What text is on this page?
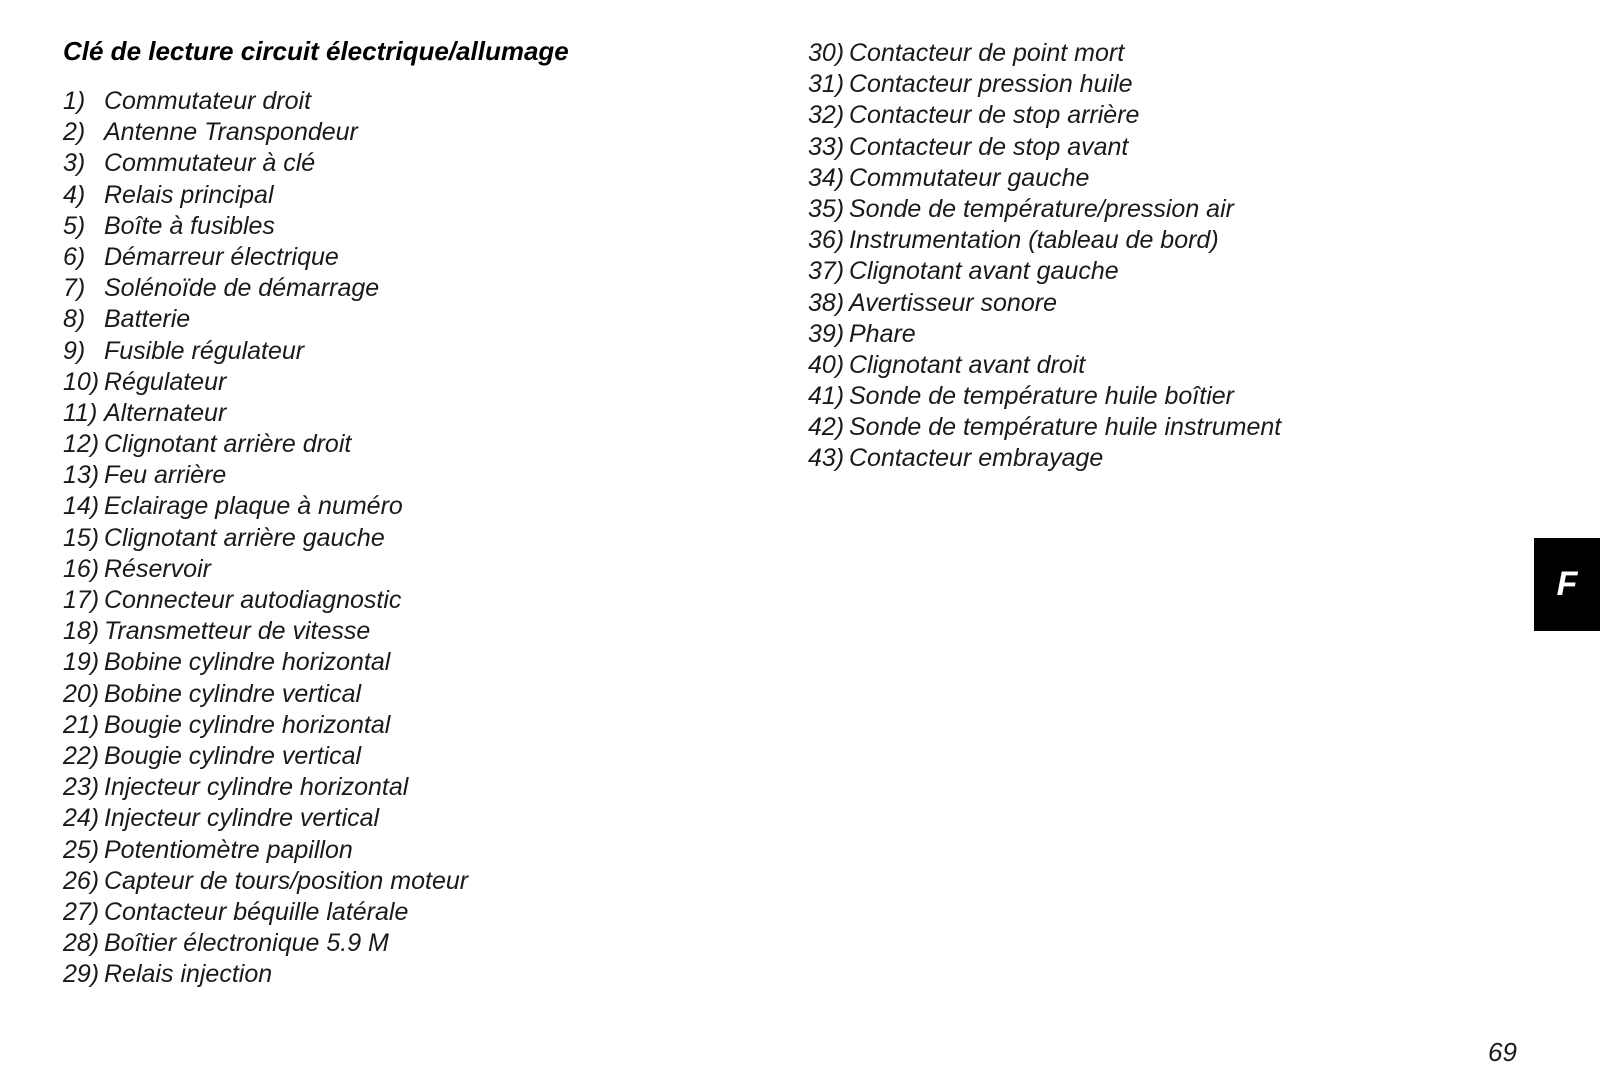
Clé de lecture circuit électrique/allumage
1) Commutateur droit
2) Antenne Transpondeur
3) Commutateur à clé
4) Relais principal
5) Boîte à fusibles
6) Démarreur électrique
7) Solénoïde de démarrage
8) Batterie
9) Fusible régulateur
10) Régulateur
11) Alternateur
12) Clignotant arrière droit
13) Feu arrière
14) Eclairage plaque à numéro
15) Clignotant arrière gauche
16) Réservoir
17) Connecteur autodiagnostic
18) Transmetteur de vitesse
19) Bobine cylindre horizontal
20) Bobine cylindre vertical
21) Bougie cylindre horizontal
22) Bougie cylindre vertical
23) Injecteur cylindre horizontal
24) Injecteur cylindre vertical
25) Potentiomètre papillon
26) Capteur de tours/position moteur
27) Contacteur béquille latérale
28) Boîtier électronique 5.9 M
29) Relais injection
30) Contacteur de point mort
31) Contacteur pression huile
32) Contacteur de stop arrière
33) Contacteur de stop avant
34) Commutateur gauche
35) Sonde de température/pression air
36) Instrumentation (tableau de bord)
37) Clignotant avant gauche
38) Avertisseur sonore
39) Phare
40) Clignotant avant droit
41) Sonde de température huile boîtier
42) Sonde de température huile instrument
43) Contacteur embrayage
F
69
